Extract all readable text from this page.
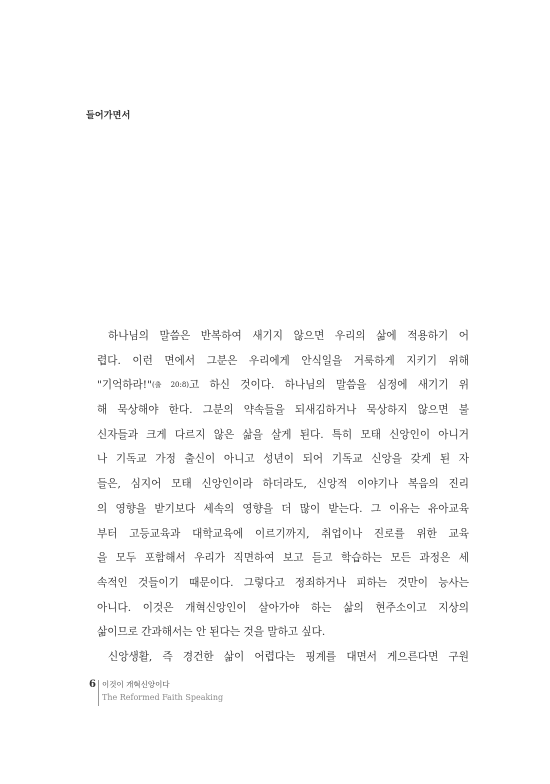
들어가면서
하나님의 말씀은 반복하여 새기지 않으면 우리의 삶에 적용하기 어
렵다. 이런 면에서 그분은 우리에게 안식일을 거룩하게 지키기 위해
"기억하라!"(출 20:8)고 하신 것이다. 하나님의 말씀을 심정에 새기기 위
해 묵상해야 한다. 그분의 약속들을 되새김하거나 묵상하지 않으면 불
신자들과 크게 다르지 않은 삶을 살게 된다. 특히 모태 신앙인이 아니거
나 기독교 가정 출신이 아니고 성년이 되어 기독교 신앙을 갖게 된 자
들은, 심지어 모태 신앙인이라 하더라도, 신앙적 이야기나 복음의 진리
의 영향을 받기보다 세속의 영향을 더 많이 받는다. 그 이유는 유아교육
부터 고등교육과 대학교육에 이르기까지, 취업이나 진로를 위한 교육
을 모두 포함해서 우리가 직면하여 보고 듣고 학습하는 모든 과정은 세
속적인 것들이기 때문이다. 그렇다고 정죄하거나 피하는 것만이 능사는
아니다. 이것은 개혁신앙인이 살아가야 하는 삶의 현주소이고 지상의
삶이므로 간과해서는 안 된다는 것을 말하고 싶다.
신앙생활, 즉 경건한 삶이 어렵다는 핑계를 대면서 게으른다면 구원
6 이것이 개혁신앙이다
The Reformed Faith Speaking
